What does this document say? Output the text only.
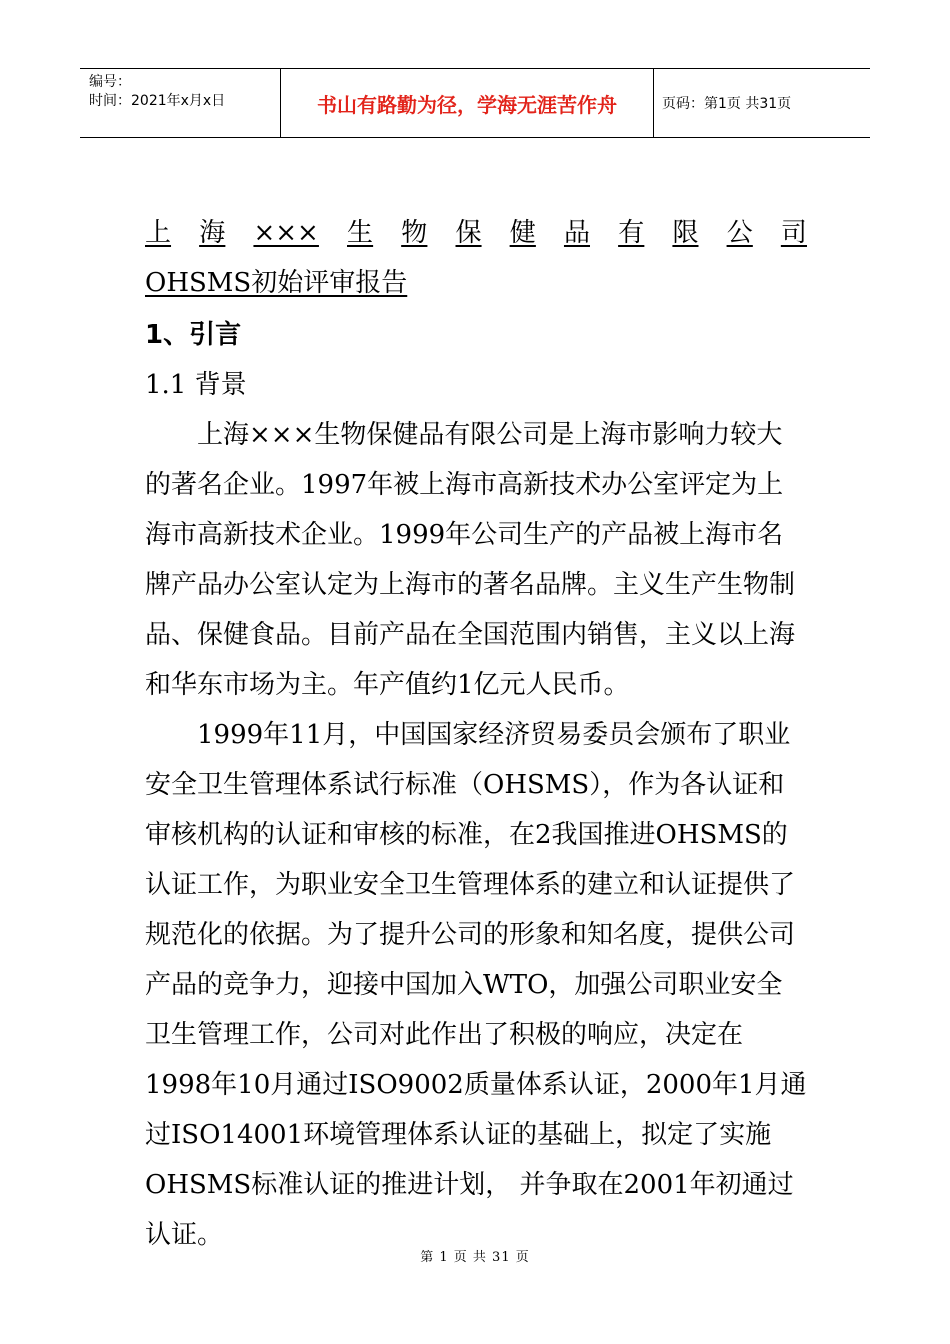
编号：
时间：2021年x月x日	书山有路勤为径，学海无涯苦作舟	页码：第1页 共31页
上 海 ××× 生 物 保 健 品 有 限 公 司
OHSMS初始评审报告
1、引言
1.1 背景

上海×××生物保健品有限公司是上海市影响力较大的著名企业。1997年被上海市高新技术办公室评定为上海市高新技术企业。1999年公司生产的产品被上海市名牌产品办公室认定为上海市的著名品牌。主义生产生物制品、保健食品。目前产品在全国范围内销售，主义以上海和华东市场为主。年产值约1亿元人民币。

1999年11月，中国国家经济贸易委员会颁布了职业安全卫生管理体系试行标准（OHSMS），作为各认证和审核机构的认证和审核的标准，在2我国推进OHSMS的认证工作，为职业安全卫生管理体系的建立和认证提供了规范化的依据。为了提升公司的形象和知名度，提供公司产品的竞争力，迎接中国加入WTO，加强公司职业安全卫生管理工作，公司对此作出了积极的响应，决定在1998年10月通过ISO9002质量体系认证，2000年1月通过ISO14001环境管理体系认证的基础上，拟定了实施OHSMS标准认证的推进计划， 并争取在2001年初通过认证。

第 1 页 共 31 页
